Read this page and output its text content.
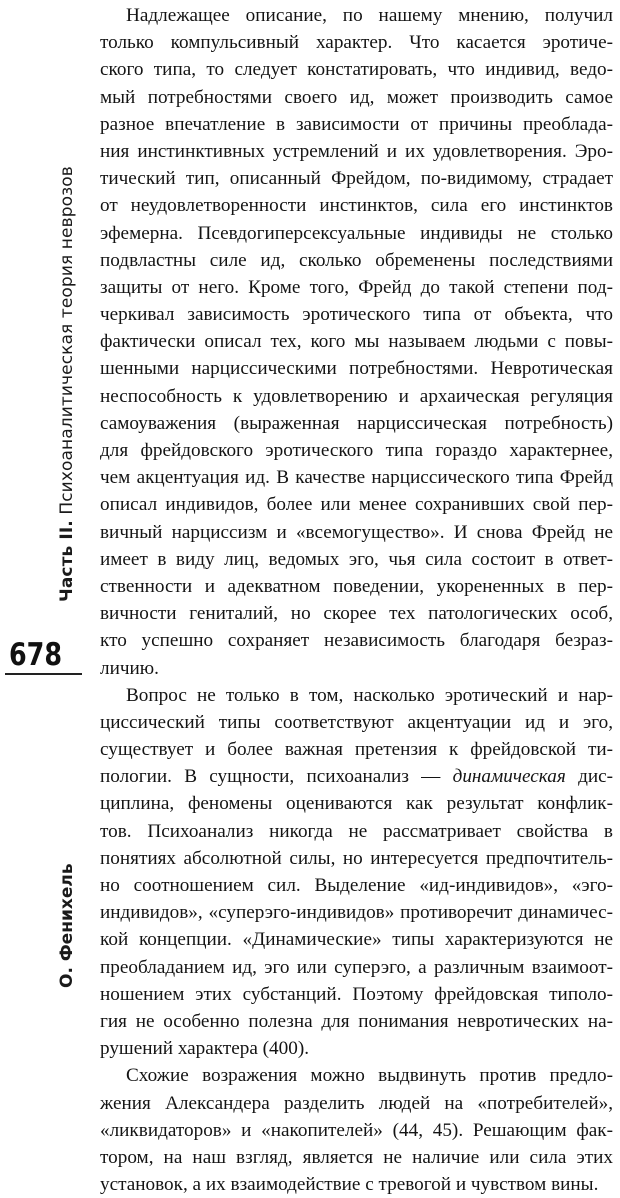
Часть II. Психоаналитическая теория неврозов
678
О. Фенихель
Надлежащее описание, по нашему мнению, получил
только компульсивный характер. Что касается эротиче-
ского типа, то следует констатировать, что индивид, ведо-
мый потребностями своего ид, может производить самое
разное впечатление в зависимости от причины преоблада-
ния инстинктивных устремлений и их удовлетворения. Эро-
тический тип, описанный Фрейдом, по-видимому, страдает
от неудовлетворенности инстинктов, сила его инстинктов
эфемерна. Псевдогиперсексуальные индивиды не столько
подвластны силе ид, сколько обременены последствиями
защиты от него. Кроме того, Фрейд до такой степени под-
черкивал зависимость эротического типа от объекта, что
фактически описал тех, кого мы называем людьми с повы-
шенными нарциссическими потребностями. Невротическая
неспособность к удовлетворению и архаическая регуляция
самоуважения (выраженная нарциссическая потребность)
для фрейдовского эротического типа гораздо характернее,
чем акцентуация ид. В качестве нарциссического типа Фрейд
описал индивидов, более или менее сохранивших свой пер-
вичный нарциссизм и «всемогущество». И снова Фрейд не
имеет в виду лиц, ведомых эго, чья сила состоит в ответ-
ственности и адекватном поведении, укорененных в пер-
вичности гениталий, но скорее тех патологических особ,
кто успешно сохраняет независимость благодаря безраз-
личию.
Вопрос не только в том, насколько эротический и нар-
циссический типы соответствуют акцентуации ид и эго,
существует и более важная претензия к фрейдовской ти-
пологии. В сущности, психоанализ — динамическая дис-
циплина, феномены оцениваются как результат конфлик-
тов. Психоанализ никогда не рассматривает свойства в
понятиях абсолютной силы, но интересуется предпочтитель-
но соотношением сил. Выделение «ид-индивидов», «эго-
индивидов», «суперэго-индивидов» противоречит динамичес-
кой концепции. «Динамические» типы характеризуются не
преобладанием ид, эго или суперэго, а различным взаимоот-
ношением этих субстанций. Поэтому фрейдовская типоло-
гия не особенно полезна для понимания невротических на-
рушений характера (400).
Схожие возражения можно выдвинуть против предло-
жения Александера разделить людей на «потребителей»,
«ликвидаторов» и «накопителей» (44, 45). Решающим фак-
тором, на наш взгляд, является не наличие или сила этих
установок, а их взаимодействие с тревогой и чувством вины.
